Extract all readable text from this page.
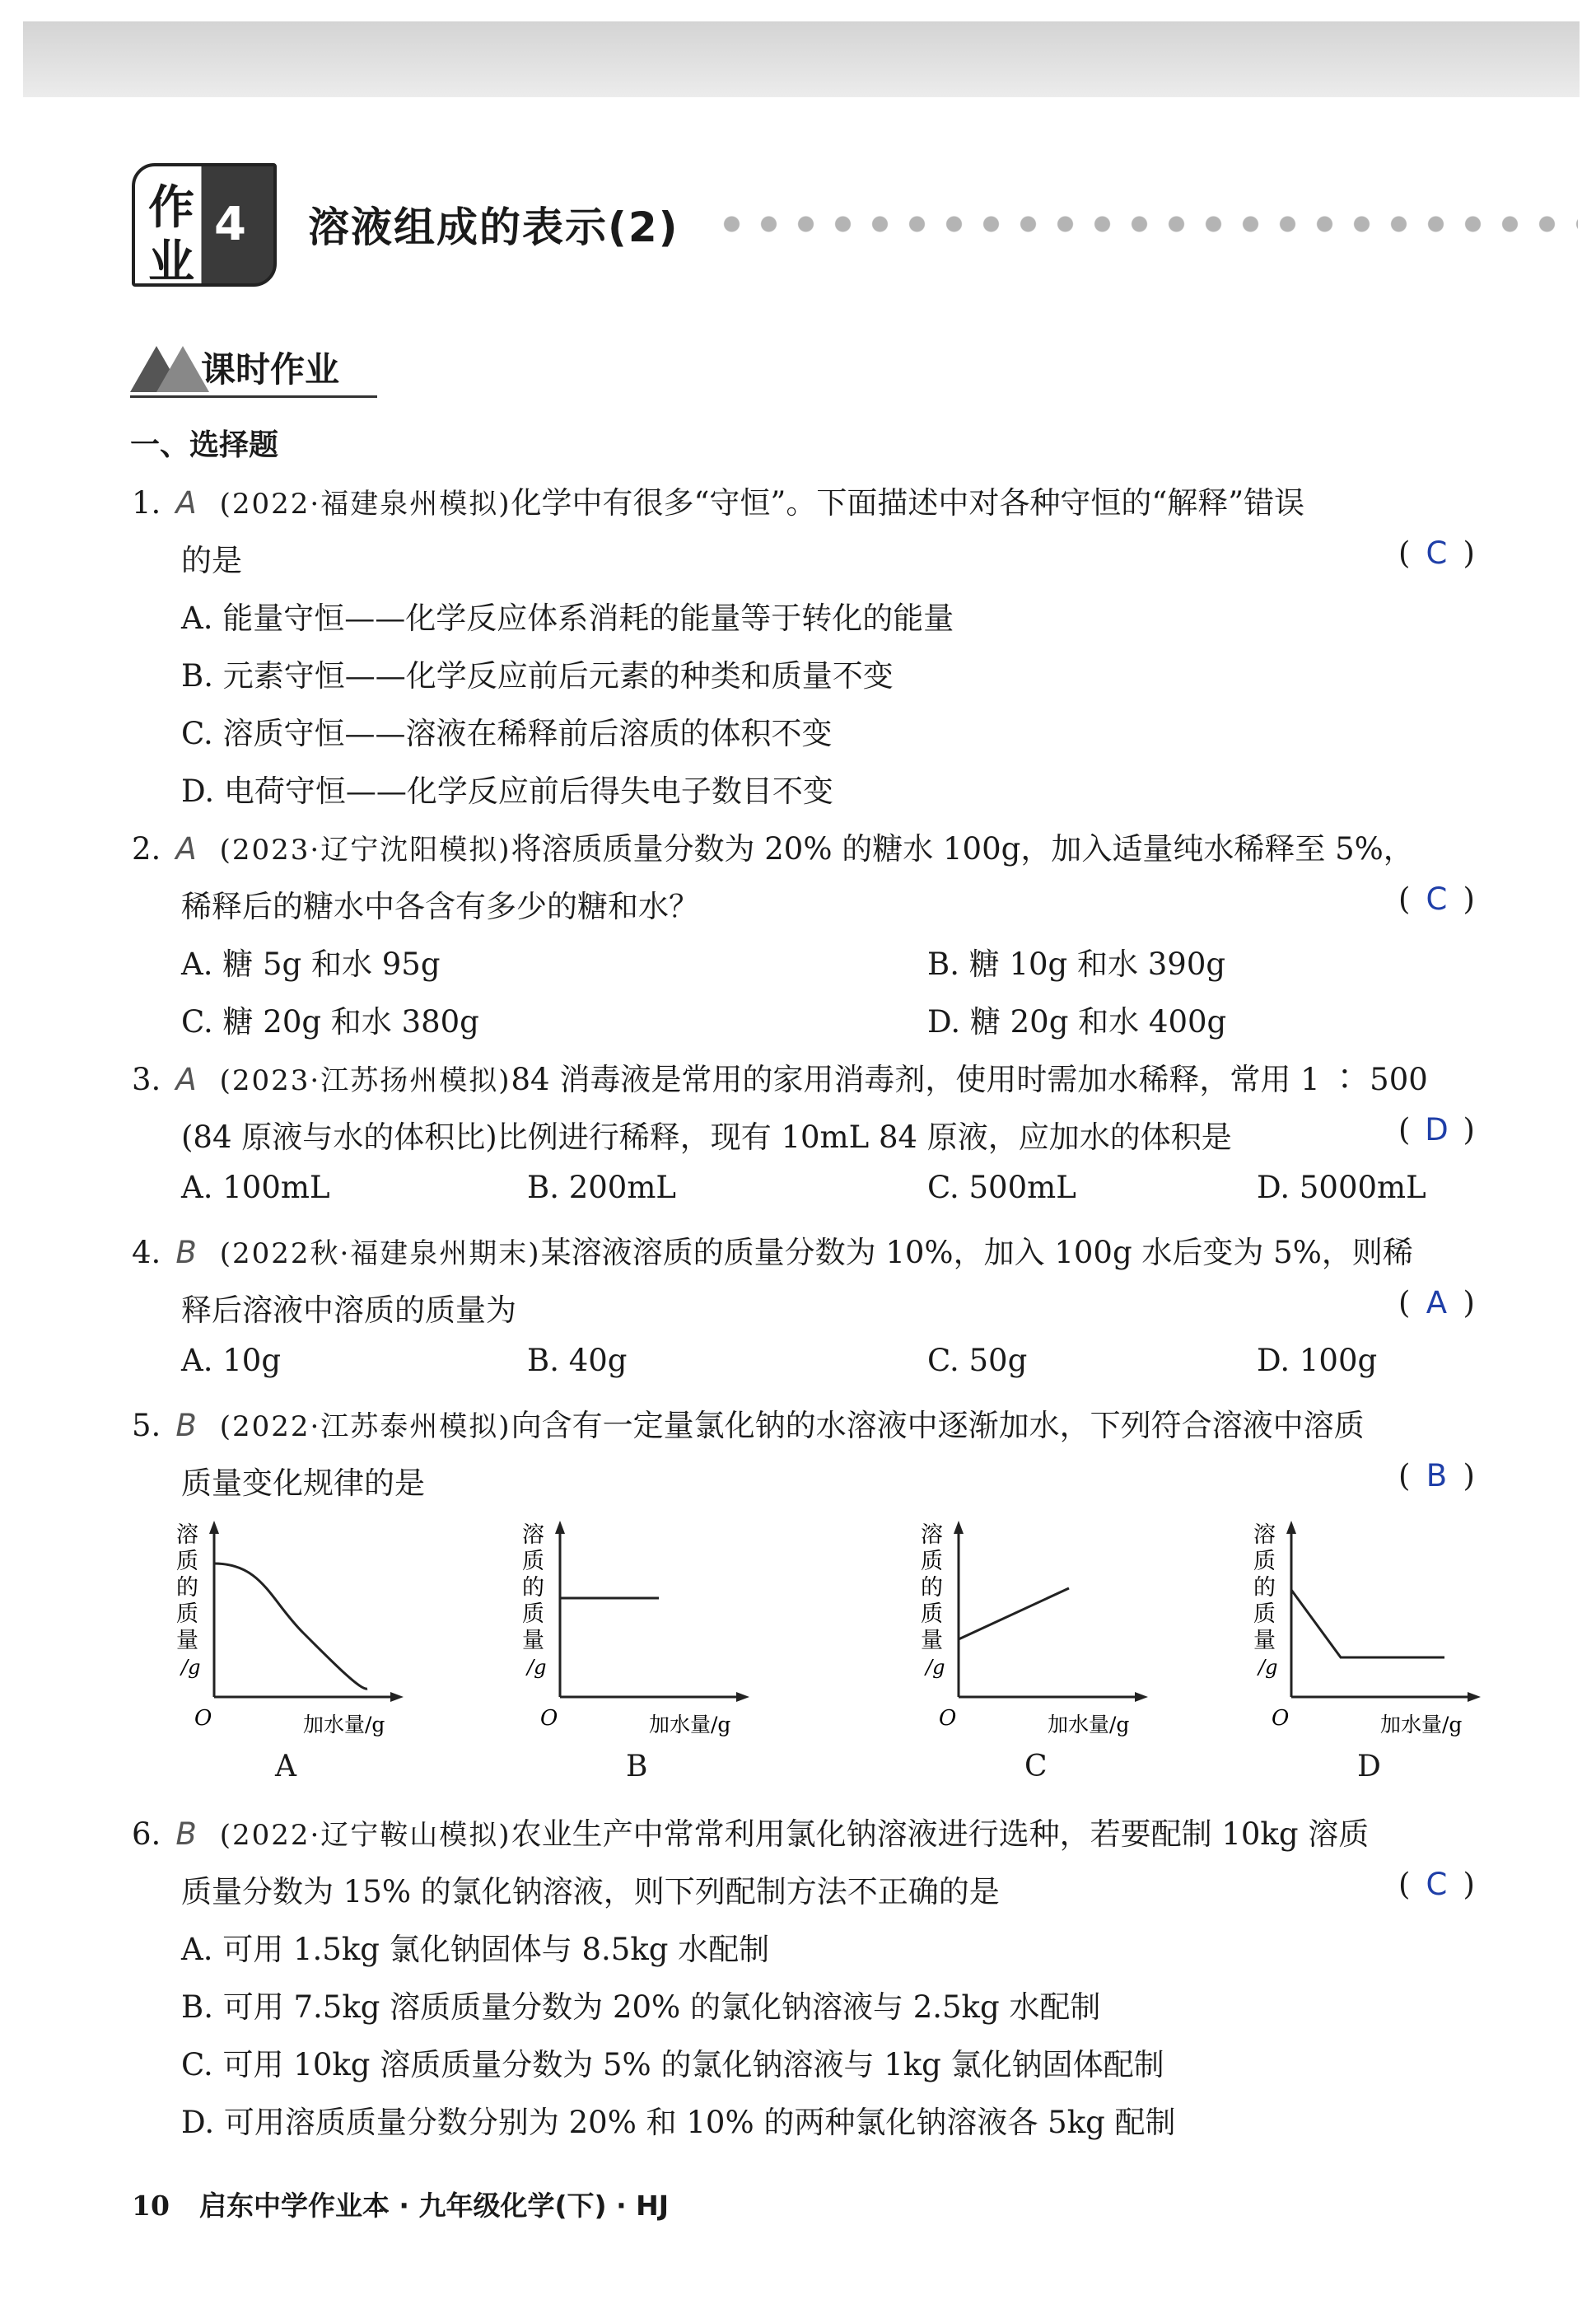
作
业
4 溶液组成的表示(2)
课时作业
一、选择题
1. A (2022·福建泉州模拟)化学中有很多“守恒”。下面描述中对各种守恒的“解释”错误
的是	( C )
A. 能量守恒——化学反应体系消耗的能量等于转化的能量
B. 元素守恒——化学反应前后元素的种类和质量不变
C. 溶质守恒——溶液在稀释前后溶质的体积不变
D. 电荷守恒——化学反应前后得失电子数目不变
2. A (2023·辽宁沈阳模拟)将溶质质量分数为 20% 的糖水 100g，加入适量纯水稀释至 5%，
稀释后的糖水中各含有多少的糖和水？	( C )
A. 糖 5g 和水 95g	B. 糖 10g 和水 390g
C. 糖 20g 和水 380g	D. 糖 20g 和水 400g
3. A (2023·江苏扬州模拟)84 消毒液是常用的家用消毒剂，使用时需加水稀释，常用 1 ∶ 500
(84 原液与水的体积比)比例进行稀释，现有 10mL 84 原液，应加水的体积是	( D )
A. 100mL	B. 200mL	C. 500mL	D. 5000mL
4. B (2022秋·福建泉州期末)某溶液溶质的质量分数为 10%，加入 100g 水后变为 5%，则稀
释后溶液中溶质的质量为	( A )
A. 10g	B. 40g	C. 50g	D. 100g
5. B (2022·江苏泰州模拟)向含有一定量氯化钠的水溶液中逐渐加水，下列符合溶液中溶质
质量变化规律的是	( B )
溶
质
的
质
量
/g
O	加水量/g
A
溶
质
的
质
量
/g
O	加水量/g
B
溶
质
的
质
量
/g
O	加水量/g
C
溶
质
的
质
量
/g
O	加水量/g
D
6. B (2022·辽宁鞍山模拟)农业生产中常常利用氯化钠溶液进行选种，若要配制 10kg 溶质
质量分数为 15% 的氯化钠溶液，则下列配制方法不正确的是	( C )
A. 可用 1.5kg 氯化钠固体与 8.5kg 水配制
B. 可用 7.5kg 溶质质量分数为 20% 的氯化钠溶液与 2.5kg 水配制
C. 可用 10kg 溶质质量分数为 5% 的氯化钠溶液与 1kg 氯化钠固体配制
D. 可用溶质质量分数分别为 20% 和 10% 的两种氯化钠溶液各 5kg 配制
10 启东中学作业本 · 九年级化学(下) · HJ
